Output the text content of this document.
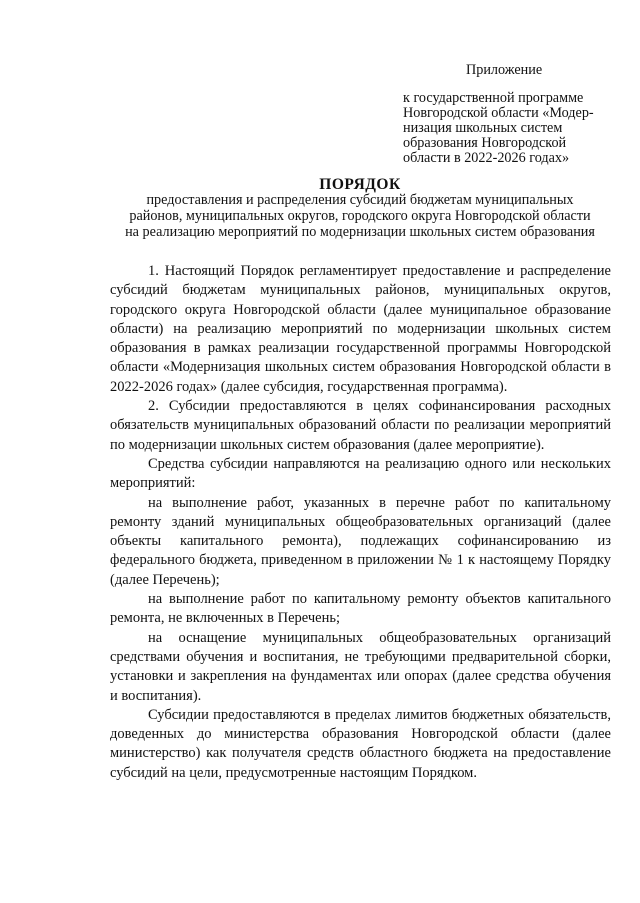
Приложение
к государственной программе
Новгородской области «Модер-
низация школьных систем
образования Новгородской
области в 2022-2026 годах»
ПОРЯДОК
предоставления и распределения субсидий бюджетам муниципальных
районов, муниципальных округов, городского округа Новгородской области
на реализацию мероприятий по модернизации школьных систем образования

1. Настоящий Порядок регламентирует предоставление и распределение субсидий бюджетам муниципальных районов, муниципальных округов, городского округа Новгородской области (далее муниципальное образование области) на реализацию мероприятий по модернизации школьных систем образования в рамках реализации государственной программы Новгородской области «Модернизация школьных систем образования Новгородской области в 2022-2026 годах» (далее субсидия, государственная программа).

2. Субсидии предоставляются в целях софинансирования расходных обязательств муниципальных образований области по реализации мероприятий по модернизации школьных систем образования (далее мероприятие).

Средства субсидии направляются на реализацию одного или нескольких мероприятий:

на выполнение работ, указанных в перечне работ по капитальному ремонту зданий муниципальных общеобразовательных организаций (далее объекты капитального ремонта), подлежащих софинансированию из федерального бюджета, приведенном в приложении № 1 к настоящему Порядку (далее Перечень);

на выполнение работ по капитальному ремонту объектов капитального ремонта, не включенных в Перечень;

на оснащение муниципальных общеобразовательных организаций средствами обучения и воспитания, не требующими предварительной сборки, установки и закрепления на фундаментах или опорах (далее средства обучения и воспитания).

Субсидии предоставляются в пределах лимитов бюджетных обязательств, доведенных до министерства образования Новгородской области (далее министерство) как получателя средств областного бюджета на предоставление субсидий на цели, предусмотренные настоящим Порядком.
